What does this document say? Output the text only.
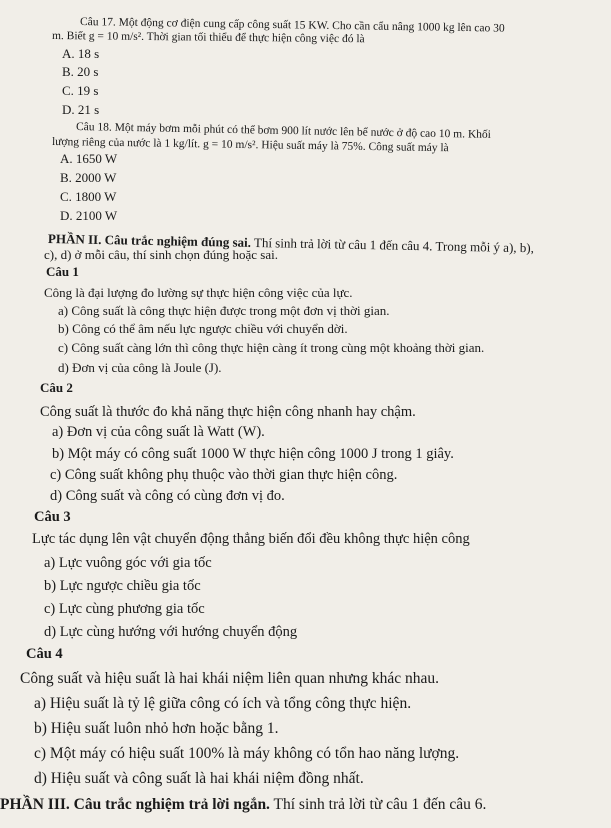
Câu 17. Một động cơ điện cung cấp công suất 15 KW. Cho cần cẩu nâng 1000 kg lên cao 30
m. Biết g = 10 m/s². Thời gian tối thiểu để thực hiện công việc đó là
A. 18 s
B. 20 s
C. 19 s
D. 21 s
Câu 18. Một máy bơm mỗi phút có thể bơm 900 lít nước lên bể nước ở độ cao 10 m. Khối
lượng riêng của nước là 1 kg/lít. g = 10 m/s². Hiệu suất máy là 75%. Công suất máy là
A. 1650 W
B. 2000 W
C. 1800 W
D. 2100 W
PHẦN II. Câu trắc nghiệm đúng sai. Thí sinh trả lời từ câu 1 đến câu 4. Trong mỗi ý a), b),
c), d) ở mỗi câu, thí sinh chọn đúng hoặc sai.
Câu 1
Công là đại lượng đo lường sự thực hiện công việc của lực.
a) Công suất là công thực hiện được trong một đơn vị thời gian.
b) Công có thể âm nếu lực ngược chiều với chuyển dời.
c) Công suất càng lớn thì công thực hiện càng ít trong cùng một khoảng thời gian.
d) Đơn vị của công là Joule (J).
Câu 2
Công suất là thước đo khả năng thực hiện công nhanh hay chậm.
a) Đơn vị của công suất là Watt (W).
b) Một máy có công suất 1000 W thực hiện công 1000 J trong 1 giây.
c) Công suất không phụ thuộc vào thời gian thực hiện công.
d) Công suất và công có cùng đơn vị đo.
Câu 3
Lực tác dụng lên vật chuyển động thẳng biến đổi đều không thực hiện công
a) Lực vuông góc với gia tốc
b) Lực ngược chiều gia tốc
c) Lực cùng phương gia tốc
d) Lực cùng hướng với hướng chuyển động
Câu 4
Công suất và hiệu suất là hai khái niệm liên quan nhưng khác nhau.
a) Hiệu suất là tỷ lệ giữa công có ích và tổng công thực hiện.
b) Hiệu suất luôn nhỏ hơn hoặc bằng 1.
c) Một máy có hiệu suất 100% là máy không có tổn hao năng lượng.
d) Hiệu suất và công suất là hai khái niệm đồng nhất.
PHẦN III. Câu trắc nghiệm trả lời ngắn. Thí sinh trả lời từ câu 1 đến câu 6.
